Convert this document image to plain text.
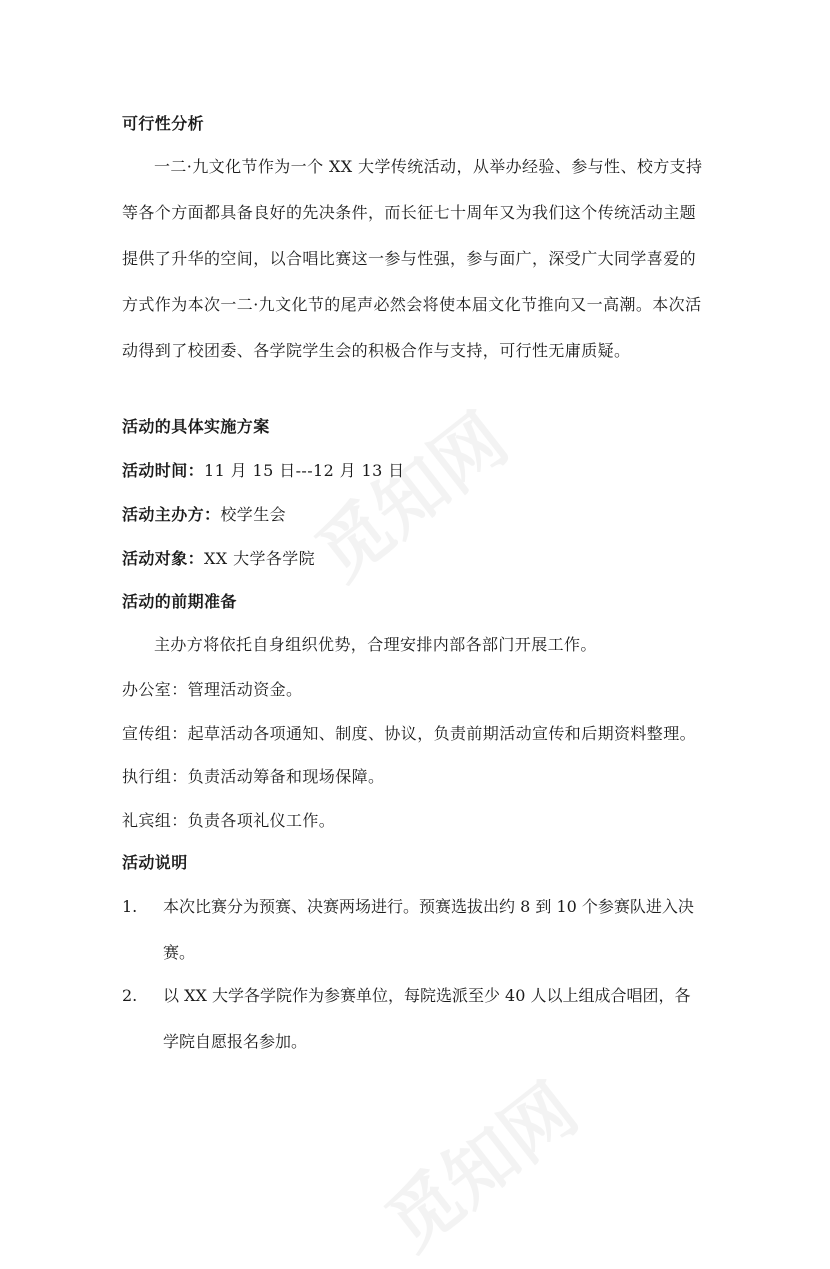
可行性分析

一二·九文化节作为一个 XX 大学传统活动，从举办经验、参与性、校方支持
等各个方面都具备良好的先决条件，而长征七十周年又为我们这个传统活动主题
提供了升华的空间，以合唱比赛这一参与性强，参与面广，深受广大同学喜爱的
方式作为本次一二·九文化节的尾声必然会将使本届文化节推向又一高潮。本次活
动得到了校团委、各学院学生会的积极合作与支持，可行性无庸质疑。

活动的具体实施方案

活动时间：11 月 15 日---12 月 13 日

活动主办方：校学生会

活动对象：XX 大学各学院

活动的前期准备

主办方将依托自身组织优势，合理安排内部各部门开展工作。

办公室：管理活动资金。

宣传组：起草活动各项通知、制度、协议，负责前期活动宣传和后期资料整理。

执行组：负责活动筹备和现场保障。

礼宾组：负责各项礼仪工作。

活动说明

1. 本次比赛分为预赛、决赛两场进行。预赛选拔出约 8 到 10 个参赛队进入决
赛。
2. 以 XX 大学各学院作为参赛单位，每院选派至少 40 人以上组成合唱团，各
学院自愿报名参加。
